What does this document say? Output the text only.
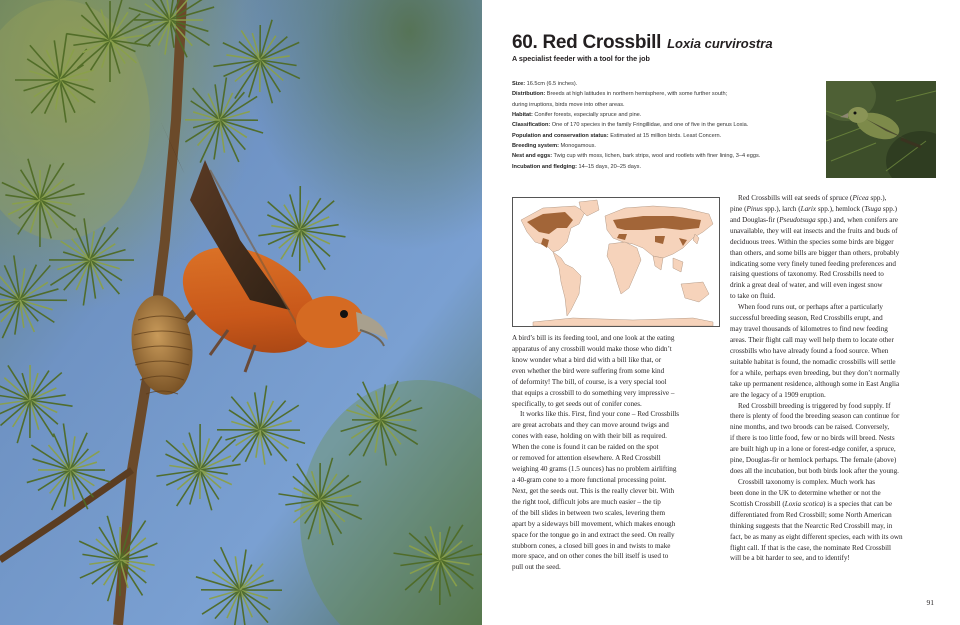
60. Red Crossbill Loxia curvirostra
A specialist feeder with a tool for the job
Size: 16.5cm (6.5 inches).
Distribution: Breeds at high latitudes in northern hemisphere, with some further south;
during irruptions, birds move into other areas.
Habitat: Conifer forests, especially spruce and pine.
Classification: One of 170 species in the family Fringillidae, and one of five in the genus Loxia.
Population and conservation status: Estimated at 15 million birds. Least Concern.
Breeding system: Monogamous.
Nest and eggs: Twig cup with moss, lichen, bark strips, wool and rootlets with finer lining, 3–4 eggs.
Incubation and fledging: 14–15 days, 20–25 days.
A bird’s bill is its feeding tool, and one look at the eating
apparatus of any crossbill would make those who didn’t
know wonder what a bird did with a bill like that, or
even whether the bird were suffering from some kind
of deformity! The bill, of course, is a very special tool
that equips a crossbill to do something very impressive –
specifically, to get seeds out of conifer cones.
It works like this. First, find your cone – Red Crossbills
are great acrobats and they can move around twigs and
cones with ease, holding on with their bill as required.
When the cone is found it can be raided on the spot
or removed for attention elsewhere. A Red Crossbill
weighing 40 grams (1.5 ounces) has no problem airlifting
a 40-gram cone to a more functional processing point.
Next, get the seeds out. This is the really clever bit. With
the right tool, difficult jobs are much easier – the tip
of the bill slides in between two scales, levering them
apart by a sideways bill movement, which makes enough
space for the tongue go in and extract the seed. On really
stubborn cones, a closed bill goes in and twists to make
more space, and on other cones the bill itself is used to
pull out the seed.
Red Crossbills will eat seeds of spruce (Picea spp.),
pine (Pinus spp.), larch (Larix spp.), hemlock (Tsuga spp.)
and Douglas-fir (Pseudotsuga spp.) and, when conifers are
unavailable, they will eat insects and the fruits and buds of
deciduous trees. Within the species some birds are bigger
than others, and some bills are bigger than others, probably
indicating some very finely tuned feeding preferences and
raising questions of taxonomy. Red Crossbills need to
drink a great deal of water, and will even ingest snow
to take on fluid.
When food runs out, or perhaps after a particularly
successful breeding season, Red Crossbills erupt, and
may travel thousands of kilometres to find new feeding
areas. Their flight call may well help them to locate other
crossbills who have already found a food source. When
suitable habitat is found, the nomadic crossbills will settle
for a while, perhaps even breeding, but they don’t normally
take up permanent residence, although some in East Anglia
are the legacy of a 1909 eruption.
Red Crossbill breeding is triggered by food supply. If
there is plenty of food the breeding season can continue for
nine months, and two broods can be raised. Conversely,
if there is too little food, few or no birds will breed. Nests
are built high up in a lone or forest-edge conifer, a spruce,
pine, Douglas-fir or hemlock perhaps. The female (above)
does all the incubation, but both birds look after the young.
Crossbill taxonomy is complex. Much work has
been done in the UK to determine whether or not the
Scottish Crossbill (Loxia scotica) is a species that can be
differentiated from Red Crossbill; some North American
thinking suggests that the Nearctic Red Crossbill may, in
fact, be as many as eight different species, each with its own
flight call. If that is the case, the nominate Red Crossbill
will be a bit harder to see, and to identify!
91
